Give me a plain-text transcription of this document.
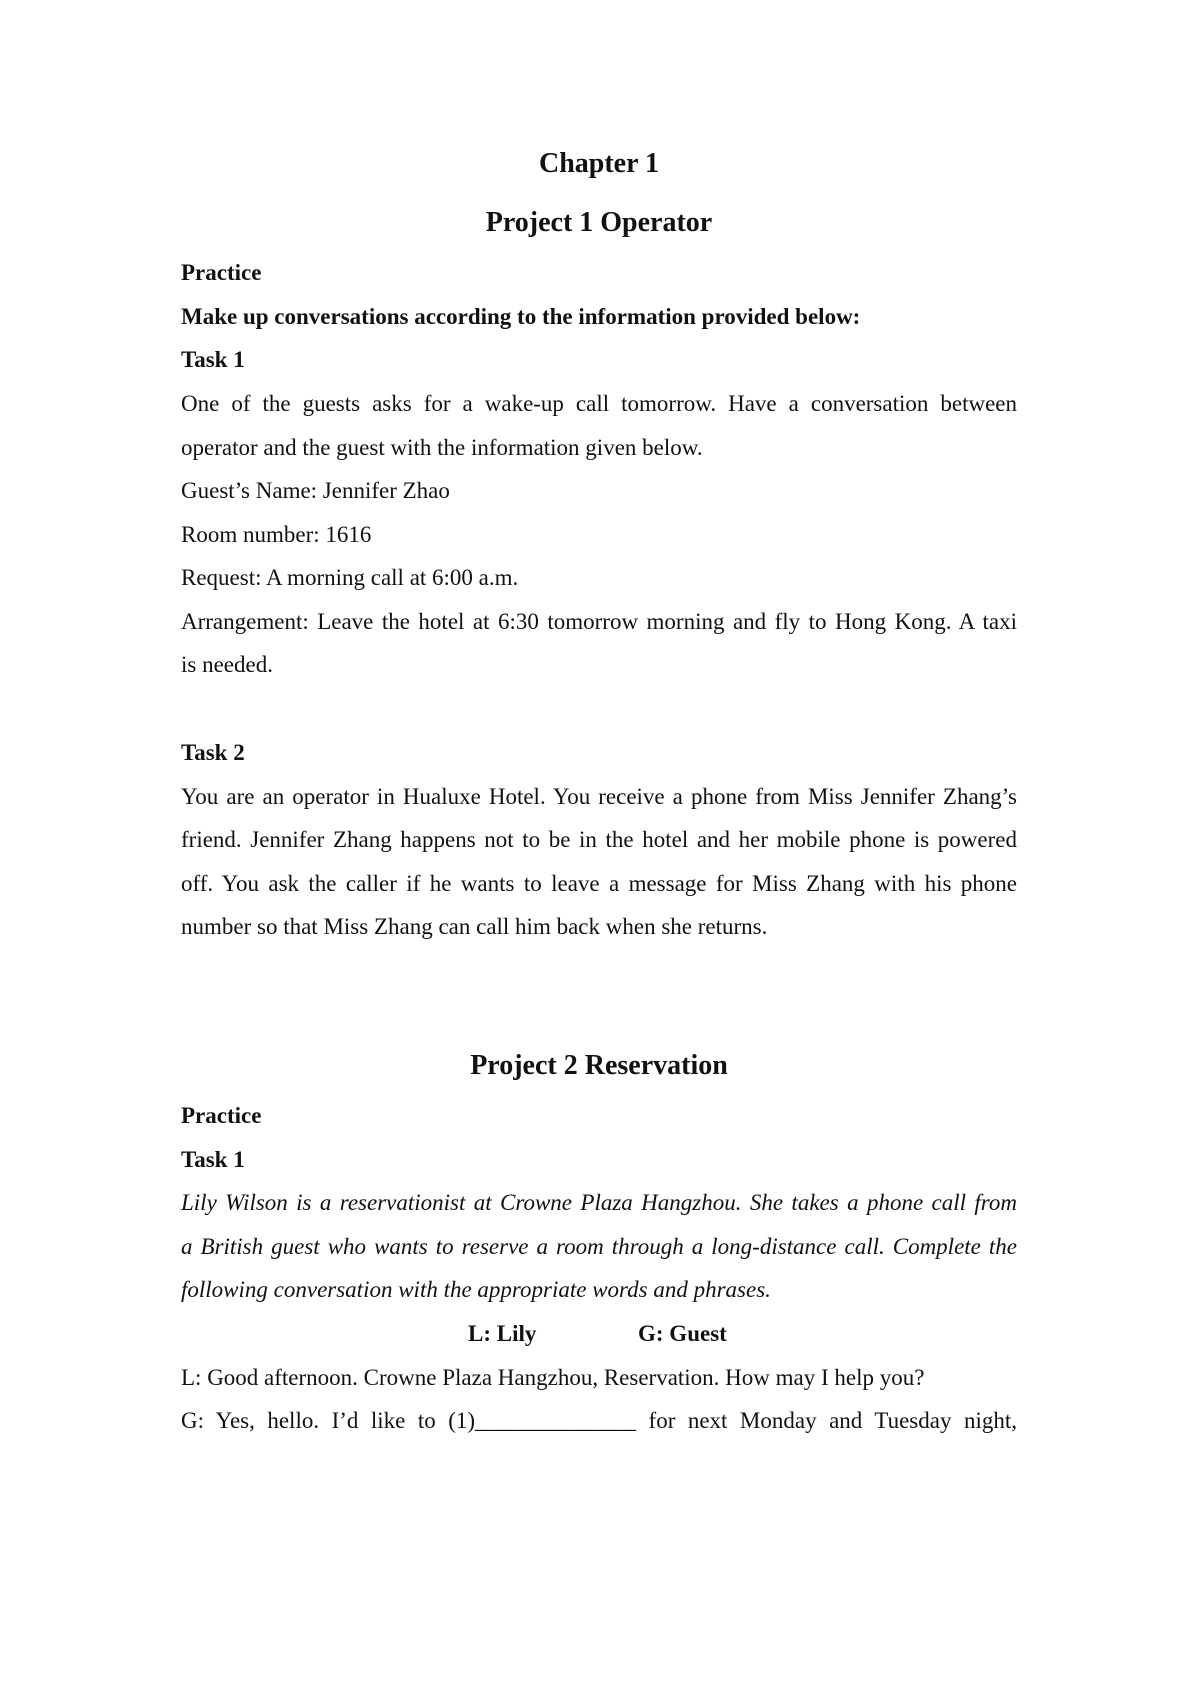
Chapter 1
Project 1 Operator
Practice
Make up conversations according to the information provided below:
Task 1
One of the guests asks for a wake-up call tomorrow. Have a conversation between
operator and the guest with the information given below.
Guest’s Name: Jennifer Zhao
Room number: 1616
Request: A morning call at 6:00 a.m.
Arrangement: Leave the hotel at 6:30 tomorrow morning and fly to Hong Kong. A taxi
is needed.
Task 2
You are an operator in Hualuxe Hotel. You receive a phone from Miss Jennifer Zhang’s
friend. Jennifer Zhang happens not to be in the hotel and her mobile phone is powered
off. You ask the caller if he wants to leave a message for Miss Zhang with his phone
number so that Miss Zhang can call him back when she returns.
Project 2 Reservation
Practice
Task 1
Lily Wilson is a reservationist at Crowne Plaza Hangzhou. She takes a phone call from
a British guest who wants to reserve a room through a long-distance call. Complete the
following conversation with the appropriate words and phrases.
L: Lily	G: Guest
L: Good afternoon. Crowne Plaza Hangzhou, Reservation. How may I help you?
G: Yes, hello. I’d like to (1)______________ for next Monday and Tuesday night,
